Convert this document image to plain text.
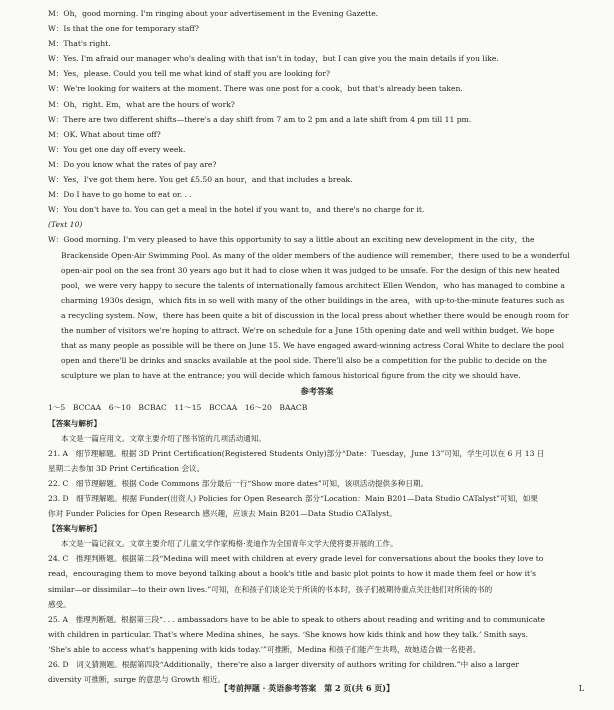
M：Oh，good morning. I'm ringing about your advertisement in the Evening Gazette.
W：Is that the one for temporary staff?
M：That's right.
W：Yes. I'm afraid our manager who's dealing with that isn't in today，but I can give you the main details if you like.
M：Yes，please. Could you tell me what kind of staff you are looking for?
W：We're looking for waiters at the moment. There was one post for a cook，but that's already been taken.
M：Oh，right. Em，what are the hours of work?
W：There are two different shifts—there's a day shift from 7 am to 2 pm and a late shift from 4 pm till 11 pm.
M：OK. What about time off?
W：You get one day off every week.
M：Do you know what the rates of pay are?
W：Yes，I've got them here. You get £5.50 an hour，and that includes a break.
M：Do I have to go home to eat or. . .
W：You don't have to. You can get a meal in the hotel if you want to，and there's no charge for it.
(Text 10)
W：Good morning. I'm very pleased to have this opportunity to say a little about an exciting new development in the city，the
Brackenside Open-Air Swimming Pool. As many of the older members of the audience will remember，there used to be a wonderful
open-air pool on the sea front 30 years ago but it had to close when it was judged to be unsafe. For the design of this new heated
pool，we were very happy to secure the talents of internationally famous architect Ellen Wendon，who has managed to combine a
charming 1930s design，which fits in so well with many of the other buildings in the area，with up-to-the-minute features such as
a recycling system. Now，there has been quite a bit of discussion in the local press about whether there would be enough room for
the number of visitors we're hoping to attract. We're on schedule for a June 15th opening date and well within budget. We hope
that as many people as possible will be there on June 15. We have engaged award-winning actress Coral White to declare the pool
open and there'll be drinks and snacks available at the pool side. There'll also be a competition for the public to decide on the
sculpture we plan to have at the entrance; you will decide which famous historical figure from the city we should have.
参考答案
1～5　BCCAA　6～10　BCBAC　11～15　BCCAA　16～20　BAACB
【答案与解析】
本文是一篇应用文。文章主要介绍了图书馆的几项活动通知。
21. A　细节理解题。根据 3D Print Certification(Registered Students Only)部分“Date：Tuesday，June 13”可知，学生可以在 6 月 13 日
星期二去参加 3D Print Certification 会议。
22. C　细节理解题。根据 Code Commons 部分最后一行“Show more dates”可知，该项活动提供多种日期。
23. D　细节理解题。根据 Funder(出资人) Policies for Open Research 部分“Location：Main B201—Data Studio CATalyst”可知，如果
你对 Funder Policies for Open Research 感兴趣，应该去 Main B201—Data Studio CATalyst。
【答案与解析】
本文是一篇记叙文。文章主要介绍了儿童文学作家梅格·麦迪作为全国青年文学大使将要开展的工作。
24. C　推理判断题。根据第二段“Medina will meet with children at every grade level for conversations about the books they love to
read，encouraging them to move beyond talking about a book's title and basic plot points to how it made them feel or how it's
similar—or dissimilar—to their own lives.”可知，在和孩子们谈论关于所读的书本时，孩子们被期待重点关注他们对所读的书的
感受。
25. A　推理判断题。根据第三段“. . . ambassadors have to be able to speak to others about reading and writing and to communicate
with children in particular. That's where Medina shines，he says. ‘She knows how kids think and how they talk.’ Smith says.
‘She's able to access what's happening with kids today.’”可推断，Medina 和孩子们能产生共鸣，故她适合做一名使者。
26. D　词义猜测题。根据第四段“Additionally，there're also a larger diversity of authors writing for children.”中 also a larger
diversity 可推断，surge 的意思与 Growth 相近。
【考前押题 · 英语参考答案　第 2 页(共 6 页)】	L
